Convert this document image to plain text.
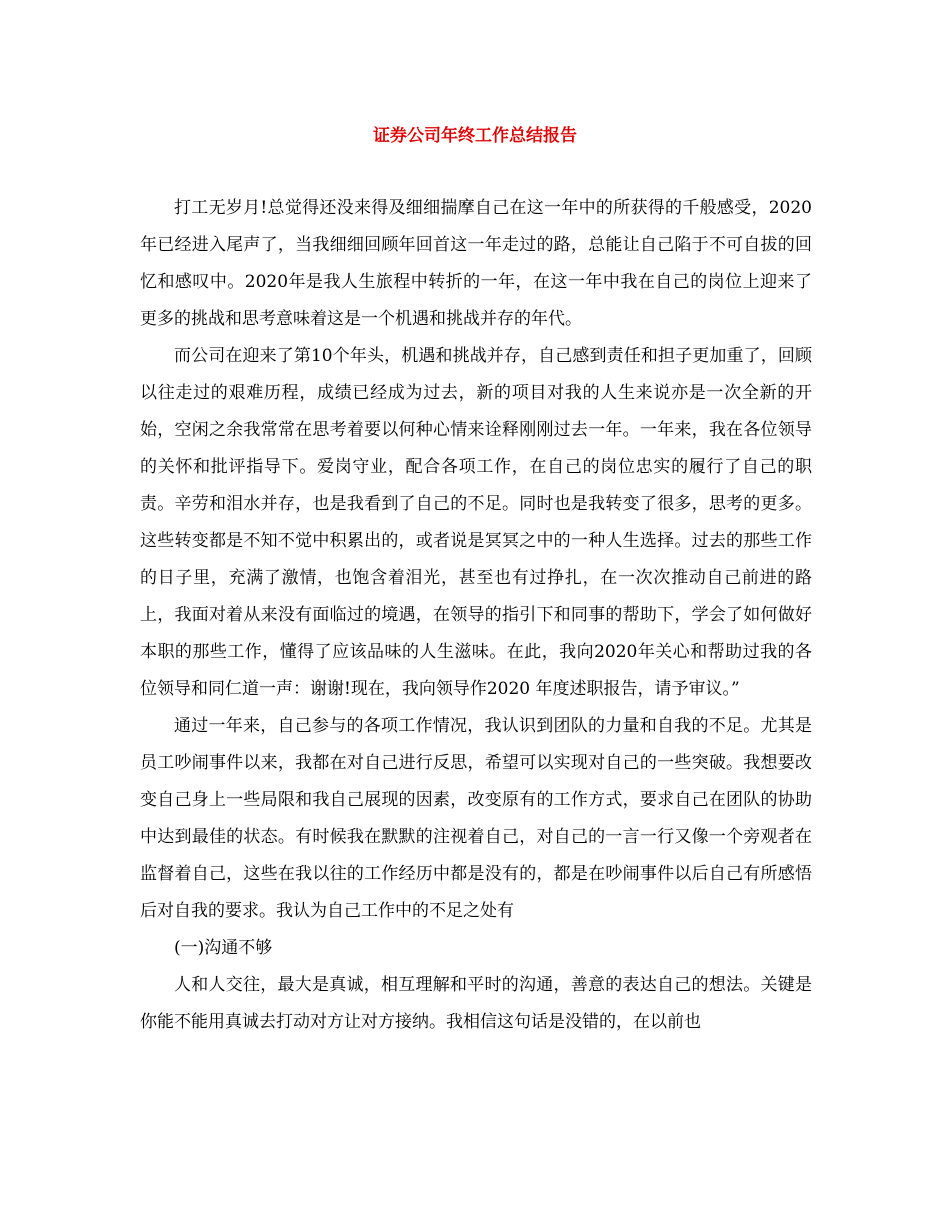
证券公司年终工作总结报告

打工无岁月!总觉得还没来得及细细揣摩自己在这一年中的所获得的千般感受，2020年已经进入尾声了，当我细细回顾年回首这一年走过的路，总能让自己陷于不可自拔的回忆和感叹中。2020年是我人生旅程中转折的一年，在这一年中我在自己的岗位上迎来了更多的挑战和思考意味着这是一个机遇和挑战并存的年代。

而公司在迎来了第10个年头，机遇和挑战并存，自己感到责任和担子更加重了，回顾以往走过的艰难历程，成绩已经成为过去，新的项目对我的人生来说亦是一次全新的开始，空闲之余我常常在思考着要以何种心情来诠释刚刚过去一年。一年来，我在各位领导的关怀和批评指导下。爱岗守业，配合各项工作，在自己的岗位忠实的履行了自己的职责。辛劳和泪水并存，也是我看到了自己的不足。同时也是我转变了很多，思考的更多。这些转变都是不知不觉中积累出的，或者说是冥冥之中的一种人生选择。过去的那些工作的日子里，充满了激情，也饱含着泪光，甚至也有过挣扎，在一次次推动自己前进的路上，我面对着从来没有面临过的境遇，在领导的指引下和同事的帮助下，学会了如何做好本职的那些工作，懂得了应该品味的人生滋味。在此，我向2020年关心和帮助过我的各位领导和同仁道一声：谢谢!现在，我向领导作2020 年度述职报告，请予审议。”

通过一年来，自己参与的各项工作情况，我认识到团队的力量和自我的不足。尤其是员工吵闹事件以来，我都在对自己进行反思，希望可以实现对自己的一些突破。我想要改变自己身上一些局限和我自己展现的因素，改变原有的工作方式，要求自己在团队的协助中达到最佳的状态。有时候我在默默的注视着自己，对自己的一言一行又像一个旁观者在监督着自己，这些在我以往的工作经历中都是没有的，都是在吵闹事件以后自己有所感悟后对自我的要求。我认为自己工作中的不足之处有

(一)沟通不够

人和人交往，最大是真诚，相互理解和平时的沟通，善意的表达自己的想法。关键是你能不能用真诚去打动对方让对方接纳。我相信这句话是没错的，在以前也
